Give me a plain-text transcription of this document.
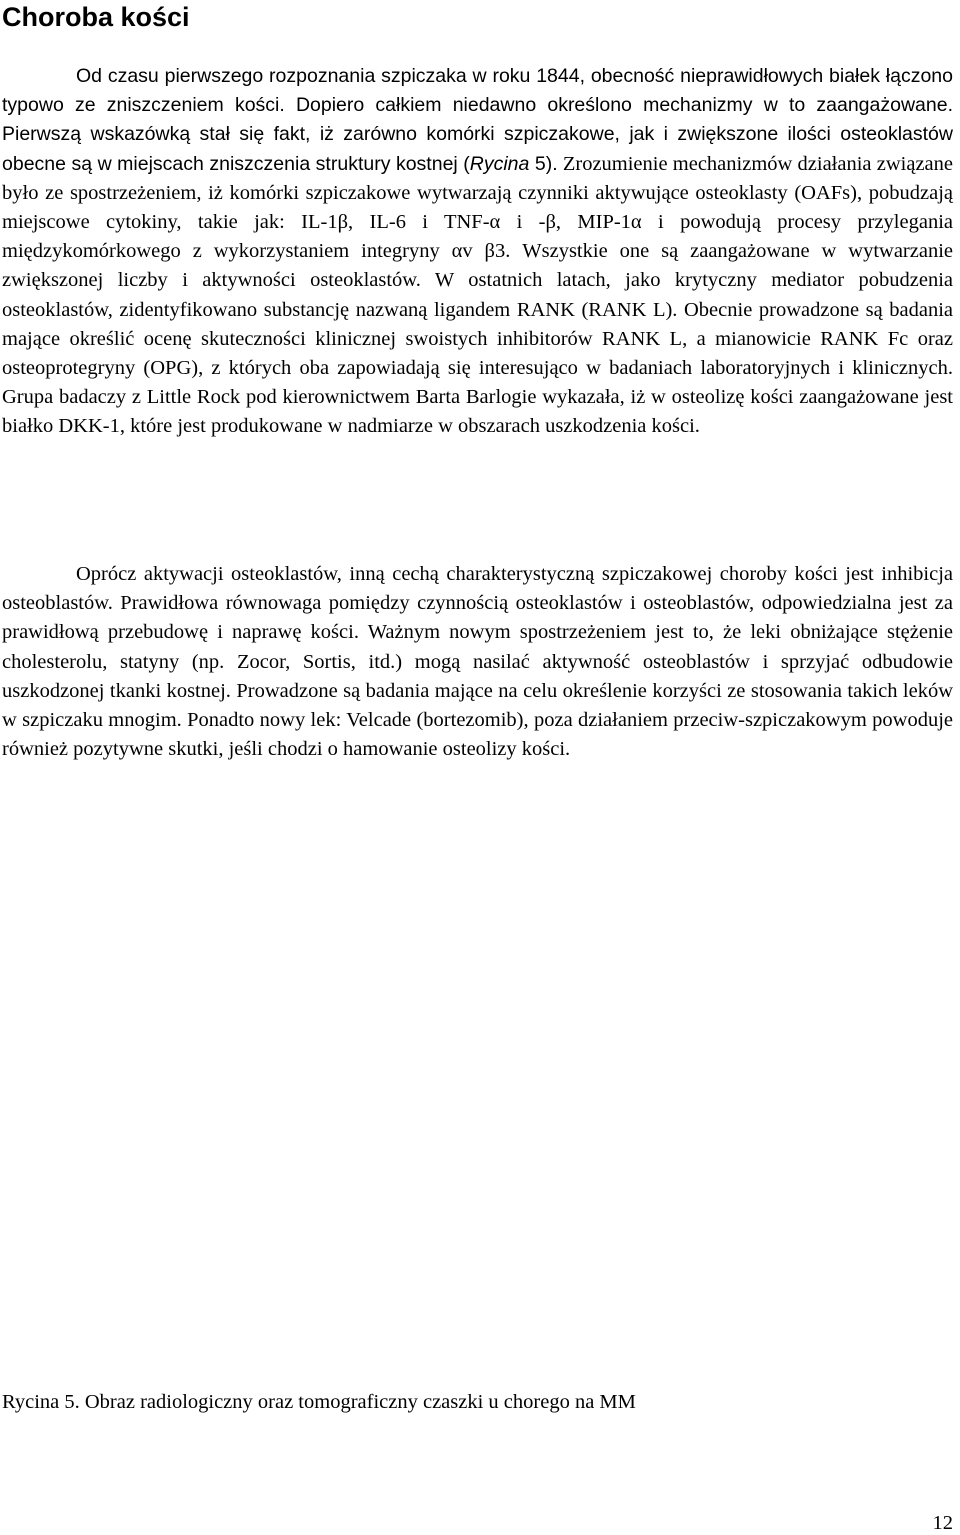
Choroba kości

Od czasu pierwszego rozpoznania szpiczaka w roku 1844, obecność nieprawidłowych białek łączono typowo ze zniszczeniem kości. Dopiero całkiem niedawno określono mechanizmy w to zaangażowane. Pierwszą wskazówką stał się fakt, iż zarówno komórki szpiczakowe, jak i zwiększone ilości osteoklastów obecne są w miejscach zniszczenia struktury kostnej (Rycina 5). Zrozumienie mechanizmów działania związane było ze spostrzeżeniem, iż komórki szpiczakowe wytwarzają czynniki aktywujące osteoklasty (OAFs), pobudzają miejscowe cytokiny, takie jak: IL-1β, IL-6 i TNF-α i -β, MIP-1α i powodują procesy przylegania międzykomórkowego z wykorzystaniem integryny αv β3. Wszystkie one są zaangażowane w wytwarzanie zwiększonej liczby i aktywności osteoklastów. W ostatnich latach, jako krytyczny mediator pobudzenia osteoklastów, zidentyfikowano substancję nazwaną ligandem RANK (RANK L). Obecnie prowadzone są badania mające określić ocenę skuteczności klinicznej swoistych inhibitorów RANK L, a mianowicie RANK Fc oraz osteoprotegryny (OPG), z których oba zapowiadają się interesująco w badaniach laboratoryjnych i klinicznych. Grupa badaczy z Little Rock pod kierownictwem Barta Barlogie wykazała, iż w osteolizę kości zaangażowane jest białko DKK-1, które jest produkowane w nadmiarze w obszarach uszkodzenia kości.

Oprócz aktywacji osteoklastów, inną cechą charakterystyczną szpiczakowej choroby kości jest inhibicja osteoblastów. Prawidłowa równowaga pomiędzy czynnością osteoklastów i osteoblastów, odpowiedzialna jest za prawidłową przebudowę i naprawę kości. Ważnym nowym spostrzeżeniem jest to, że leki obniżające stężenie cholesterolu, statyny (np. Zocor, Sortis, itd.) mogą nasilać aktywność osteoblastów i sprzyjać odbudowie uszkodzonej tkanki kostnej. Prowadzone są badania mające na celu określenie korzyści ze stosowania takich leków w szpiczaku mnogim. Ponadto nowy lek: Velcade (bortezomib), poza działaniem przeciw-szpiczakowym powoduje również pozytywne skutki, jeśli chodzi o hamowanie osteolizy kości.

Rycina 5. Obraz radiologiczny oraz tomograficzny czaszki u chorego na MM

12
